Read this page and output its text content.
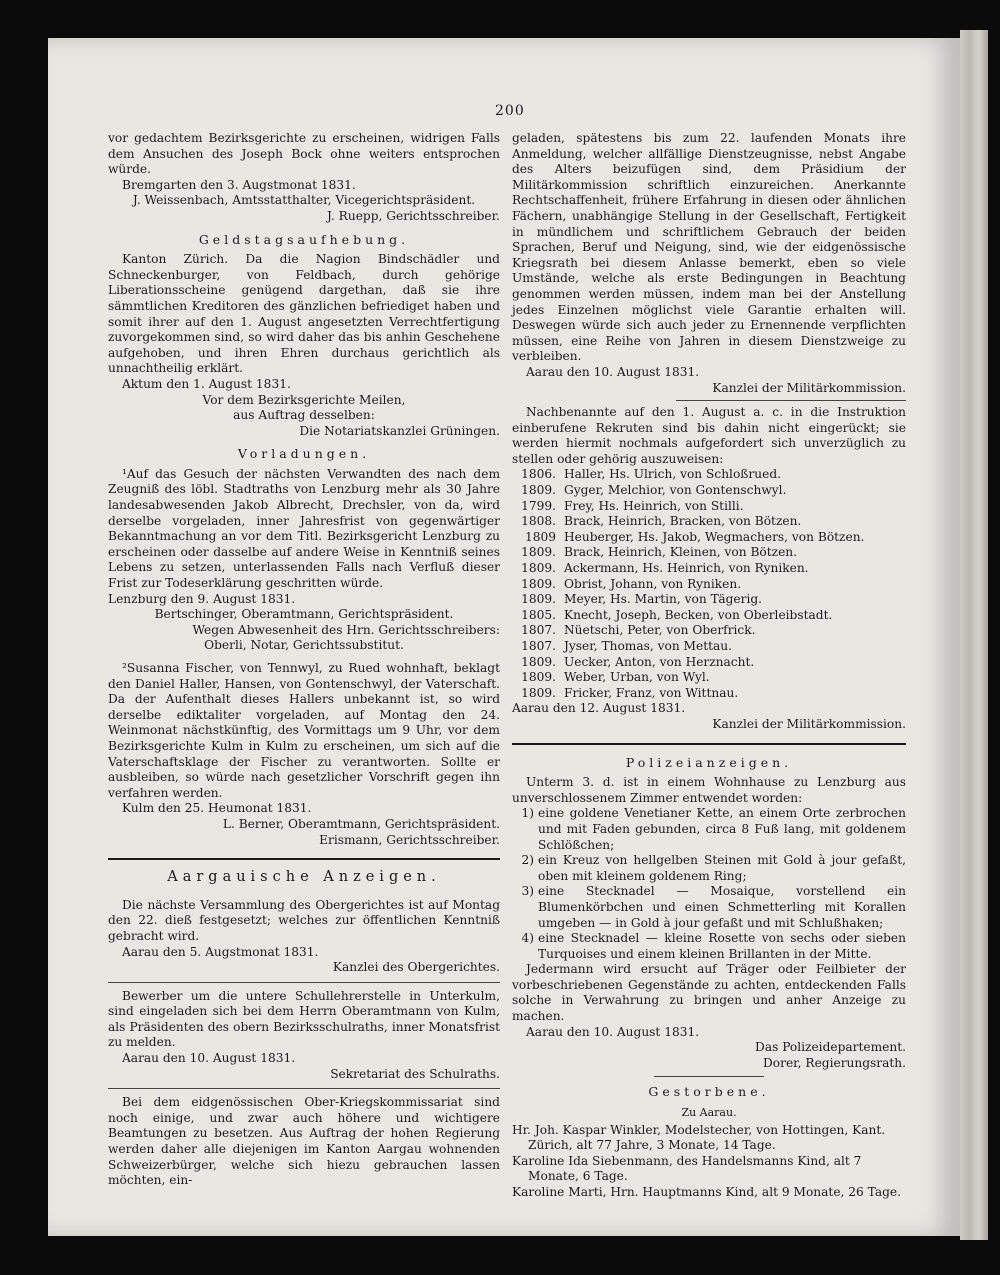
200

vor gedachtem Bezirksgerichte zu erscheinen, widrigen Falls dem Ansuchen des Joseph Bock ohne weiters entsprochen würde.

Bremgarten den 3. Augstmonat 1831.

J. Weissenbach, Amtsstatthalter, Vicegerichtspräsident.

J. Ruepp, Gerichtsschreiber.

Geldstagsaufhebung.

Kanton Zürich. Da die Nagion Bindschädler und Schneckenburger, von Feldbach, durch gehörige Liberationsscheine genügend dargethan, daß sie ihre sämmtlichen Kreditoren des gänzlichen befriediget haben und somit ihrer auf den 1. August angesetzten Verrechtfertigung zuvorgekommen sind, so wird daher das bis anhin Geschehene aufgehoben, und ihren Ehren durchaus gerichtlich als unnachtheilig erklärt.

Aktum den 1. August 1831.

Vor dem Bezirksgerichte Meilen,

aus Auftrag desselben:

Die Notariatskanzlei Grüningen.

Vorladungen.

¹Auf das Gesuch der nächsten Verwandten des nach dem Zeugniß des löbl. Stadtraths von Lenzburg mehr als 30 Jahre landesabwesenden Jakob Albrecht, Drechsler, von da, wird derselbe vorgeladen, inner Jahresfrist von gegenwärtiger Bekanntmachung an vor dem Titl. Bezirksgericht Lenzburg zu erscheinen oder dasselbe auf andere Weise in Kenntniß seines Lebens zu setzen, unterlassenden Falls nach Verfluß dieser Frist zur Todeserklärung geschritten würde.

Lenzburg den 9. August 1831.

Bertschinger, Oberamtmann, Gerichtspräsident.

Wegen Abwesenheit des Hrn. Gerichtsschreibers:

Oberli, Notar, Gerichtssubstitut.

²Susanna Fischer, von Tennwyl, zu Rued wohnhaft, beklagt den Daniel Haller, Hansen, von Gontenschwyl, der Vaterschaft. Da der Aufenthalt dieses Hallers unbekannt ist, so wird derselbe ediktaliter vorgeladen, auf Montag den 24. Weinmonat nächstkünftig, des Vormittags um 9 Uhr, vor dem Bezirksgerichte Kulm in Kulm zu erscheinen, um sich auf die Vaterschaftsklage der Fischer zu verantworten. Sollte er ausbleiben, so würde nach gesetzlicher Vorschrift gegen ihn verfahren werden.

Kulm den 25. Heumonat 1831.

L. Berner, Oberamtmann, Gerichtspräsident.

Erismann, Gerichtsschreiber.

Aargauische Anzeigen.

Die nächste Versammlung des Obergerichtes ist auf Montag den 22. dieß festgesetzt; welches zur öffentlichen Kenntniß gebracht wird.

Aarau den 5. Augstmonat 1831.

Kanzlei des Obergerichtes.

Bewerber um die untere Schullehrerstelle in Unterkulm, sind eingeladen sich bei dem Herrn Oberamtmann von Kulm, als Präsidenten des obern Bezirksschulraths, inner Monatsfrist zu melden.

Aarau den 10. August 1831.

Sekretariat des Schulraths.

Bei dem eidgenössischen Ober-Kriegskommissariat sind noch einige, und zwar auch höhere und wichtigere Beamtungen zu besetzen. Aus Auftrag der hohen Regierung werden daher alle diejenigen im Kanton Aargau wohnenden Schweizerbürger, welche sich hiezu gebrauchen lassen möchten, ein-

geladen, spätestens bis zum 22. laufenden Monats ihre Anmeldung, welcher allfällige Dienstzeugnisse, nebst Angabe des Alters beizufügen sind, dem Präsidium der Militärkommission schriftlich einzureichen. Anerkannte Rechtschaffenheit, frühere Erfahrung in diesen oder ähnlichen Fächern, unabhängige Stellung in der Gesellschaft, Fertigkeit in mündlichem und schriftlichem Gebrauch der beiden Sprachen, Beruf und Neigung, sind, wie der eidgenössische Kriegsrath bei diesem Anlasse bemerkt, eben so viele Umstände, welche als erste Bedingungen in Beachtung genommen werden müssen, indem man bei der Anstellung jedes Einzelnen möglichst viele Garantie erhalten will. Deswegen würde sich auch jeder zu Ernennende verpflichten müssen, eine Reihe von Jahren in diesem Dienstzweige zu verbleiben.

Aarau den 10. August 1831.

Kanzlei der Militärkommission.

Nachbenannte auf den 1. August a. c. in die Instruktion einberufene Rekruten sind bis dahin nicht eingerückt; sie werden hiermit nochmals aufgefordert sich unverzüglich zu stellen oder gehörig auszuweisen:

1806. Haller, Hs. Ulrich, von Schloßrued.
1809. Gyger, Melchior, von Gontenschwyl.
1799. Frey, Hs. Heinrich, von Stilli.
1808. Brack, Heinrich, Bracken, von Bötzen.
1809 Heuberger, Hs. Jakob, Wegmachers, von Bötzen.
1809. Brack, Heinrich, Kleinen, von Bötzen.
1809. Ackermann, Hs. Heinrich, von Ryniken.
1809. Obrist, Johann, von Ryniken.
1809. Meyer, Hs. Martin, von Tägerig.
1805. Knecht, Joseph, Becken, von Oberleibstadt.
1807. Nüetschi, Peter, von Oberfrick.
1807. Jyser, Thomas, von Mettau.
1809. Uecker, Anton, von Herznacht.
1809. Weber, Urban, von Wyl.
1809. Fricker, Franz, von Wittnau.

Aarau den 12. August 1831.

Kanzlei der Militärkommission.

Polizeianzeigen.

Unterm 3. d. ist in einem Wohnhause zu Lenzburg aus unverschlossenem Zimmer entwendet worden:

1) eine goldene Venetianer Kette, an einem Orte zerbrochen und mit Faden gebunden, circa 8 Fuß lang, mit goldenem Schlößchen;
2) ein Kreuz von hellgelben Steinen mit Gold à jour gefaßt, oben mit kleinem goldenem Ring;
3) eine Stecknadel — Mosaique, vorstellend ein Blumenkörbchen und einen Schmetterling mit Korallen umgeben — in Gold à jour gefaßt und mit Schlußhaken;
4) eine Stecknadel — kleine Rosette von sechs oder sieben Turquoises und einem kleinen Brillanten in der Mitte.

Jedermann wird ersucht auf Träger oder Feilbieter der vorbeschriebenen Gegenstände zu achten, entdeckenden Falls solche in Verwahrung zu bringen und anher Anzeige zu machen.

Aarau den 10. August 1831.

Das Polizeidepartement.

Dorer, Regierungsrath.

Gestorbene.
Zu Aarau.

Hr. Joh. Kaspar Winkler, Modelstecher, von Hottingen, Kant. Zürich, alt 77 Jahre, 3 Monate, 14 Tage.

Karoline Ida Siebenmann, des Handelsmanns Kind, alt 7 Monate, 6 Tage.

Karoline Marti, Hrn. Hauptmanns Kind, alt 9 Monate, 26 Tage.
